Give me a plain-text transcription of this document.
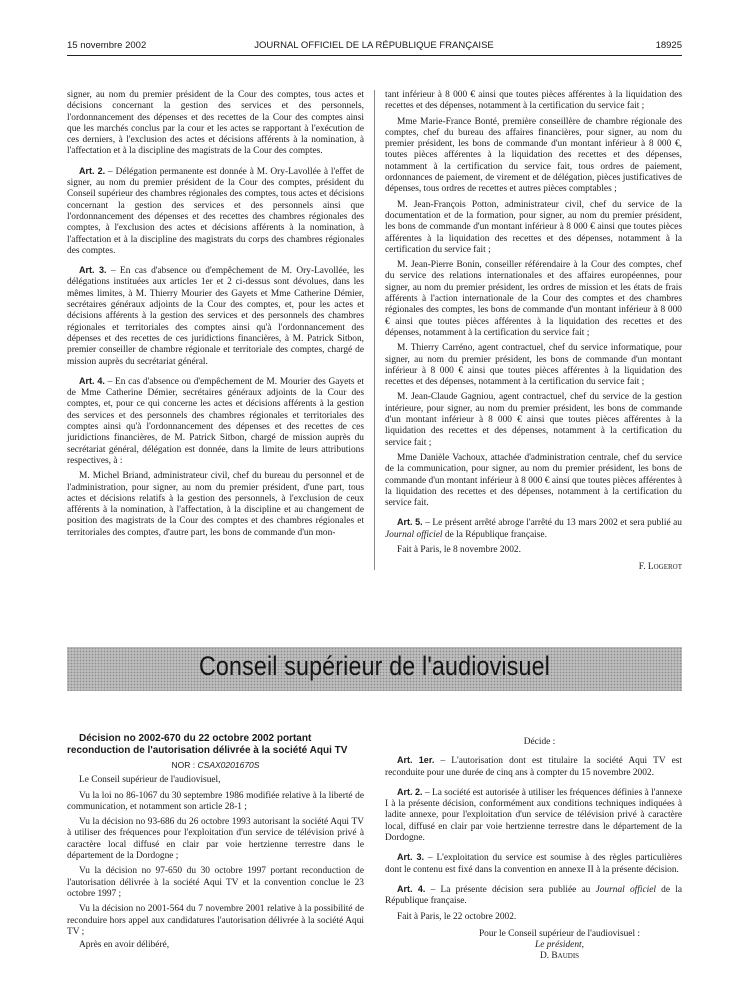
15 novembre 2002	JOURNAL OFFICIEL DE LA RÉPUBLIQUE FRANÇAISE	18925

signer, au nom du premier président de la Cour des comptes, tous actes et décisions concernant la gestion des services et des personnels, l'ordonnancement des dépenses et des recettes de la Cour des comptes ainsi que les marchés conclus par la cour et les actes se rapportant à l'exécution de ces derniers, à l'exclusion des actes et décisions afférents à la nomination, à l'affectation et à la discipline des magistrats de la Cour des comptes.

Art. 2. – Délégation permanente est donnée à M. Ory-Lavollée à l'effet de signer, au nom du premier président de la Cour des comptes, président du Conseil supérieur des chambres régionales des comptes, tous actes et décisions concernant la gestion des services et des personnels ainsi que l'ordonnancement des dépenses et des recettes des chambres régionales des comptes, à l'exclusion des actes et décisions afférents à la nomination, à l'affectation et à la discipline des magistrats du corps des chambres régionales des comptes.

Art. 3. – En cas d'absence ou d'empêchement de M. Ory-Lavollée, les délégations instituées aux articles 1er et 2 ci-dessus sont dévolues, dans les mêmes limites, à M. Thierry Mourier des Gayets et Mme Catherine Démier, secrétaires généraux adjoints de la Cour des comptes, et, pour les actes et décisions afférents à la gestion des services et des personnels des chambres régionales et territoriales des comptes ainsi qu'à l'ordonnancement des dépenses et des recettes de ces juridictions financières, à M. Patrick Sitbon, premier conseiller de chambre régionale et territoriale des comptes, chargé de mission auprès du secrétariat général.

Art. 4. – En cas d'absence ou d'empêchement de M. Mourier des Gayets et de Mme Catherine Démier, secrétaires généraux adjoints de la Cour des comptes, et, pour ce qui concerne les actes et décisions afférents à la gestion des services et des personnels des chambres régionales et territoriales des comptes ainsi qu'à l'ordonnancement des dépenses et des recettes de ces juridictions financières, de M. Patrick Sitbon, chargé de mission auprès du secrétariat général, délégation est donnée, dans la limite de leurs attributions respectives, à :

M. Michel Briand, administrateur civil, chef du bureau du personnel et de l'administration, pour signer, au nom du premier président, d'une part, tous actes et décisions relatifs à la gestion des personnels, à l'exclusion de ceux afférents à la nomination, à l'affectation, à la discipline et au changement de position des magistrats de la Cour des comptes et des chambres régionales et territoriales des comptes, d'autre part, les bons de commande d'un mon-

tant inférieur à 8 000 € ainsi que toutes pièces afférentes à la liquidation des recettes et des dépenses, notamment à la certification du service fait ;

Mme Marie-France Bonté, première conseillère de chambre régionale des comptes, chef du bureau des affaires financières, pour signer, au nom du premier président, les bons de commande d'un montant inférieur à 8 000 €, toutes pièces afférentes à la liquidation des recettes et des dépenses, notamment à la certification du service fait, tous ordres de paiement, ordonnances de paiement, de virement et de délégation, pièces justificatives de dépenses, tous ordres de recettes et autres pièces comptables ;

M. Jean-François Potton, administrateur civil, chef du service de la documentation et de la formation, pour signer, au nom du premier président, les bons de commande d'un montant inférieur à 8 000 € ainsi que toutes pièces afférentes à la liquidation des recettes et des dépenses, notamment à la certification du service fait ;

M. Jean-Pierre Bonin, conseiller référendaire à la Cour des comptes, chef du service des relations internationales et des affaires européennes, pour signer, au nom du premier président, les ordres de mission et les états de frais afférents à l'action internationale de la Cour des comptes et des chambres régionales des comptes, les bons de commande d'un montant inférieur à 8 000 € ainsi que toutes pièces afférentes à la liquidation des recettes et des dépenses, notamment à la certification du service fait ;

M. Thierry Carréno, agent contractuel, chef du service informatique, pour signer, au nom du premier président, les bons de commande d'un montant inférieur à 8 000 € ainsi que toutes pièces afférentes à la liquidation des recettes et des dépenses, notamment à la certification du service fait ;

M. Jean-Claude Gagniou, agent contractuel, chef du service de la gestion intérieure, pour signer, au nom du premier président, les bons de commande d'un montant inférieur à 8 000 € ainsi que toutes pièces afférentes à la liquidation des recettes et des dépenses, notamment à la certification du service fait ;

Mme Danièle Vachoux, attachée d'administration centrale, chef du service de la communication, pour signer, au nom du premier président, les bons de commande d'un montant inférieur à 8 000 € ainsi que toutes pièces afférentes à la liquidation des recettes et des dépenses, notamment à la certification du service fait.

Art. 5. – Le présent arrêté abroge l'arrêté du 13 mars 2002 et sera publié au Journal officiel de la République française.

Fait à Paris, le 8 novembre 2002.

F. Logerot

Conseil supérieur de l'audiovisuel

Décision no 2002-670 du 22 octobre 2002 portant reconduction de l'autorisation délivrée à la société Aqui TV

NOR : CSAX0201670S

Le Conseil supérieur de l'audiovisuel,

Vu la loi no 86-1067 du 30 septembre 1986 modifiée relative à la liberté de communication, et notamment son article 28-1 ;

Vu la décision no 93-686 du 26 octobre 1993 autorisant la société Aqui TV à utiliser des fréquences pour l'exploitation d'un service de télévision privé à caractère local diffusé en clair par voie hertzienne terrestre dans le département de la Dordogne ;

Vu la décision no 97-650 du 30 octobre 1997 portant reconduction de l'autorisation délivrée à la société Aqui TV et la convention conclue le 23 octobre 1997 ;

Vu la décision no 2001-564 du 7 novembre 2001 relative à la possibilité de reconduire hors appel aux candidatures l'autorisation délivrée à la société Aqui TV ;

Après en avoir délibéré,

Décide :

Art. 1er. – L'autorisation dont est titulaire la société Aqui TV est reconduite pour une durée de cinq ans à compter du 15 novembre 2002.

Art. 2. – La société est autorisée à utiliser les fréquences définies à l'annexe I à la présente décision, conformément aux conditions techniques indiquées à ladite annexe, pour l'exploitation d'un service de télévision privé à caractère local, diffusé en clair par voie hertzienne terrestre dans le département de la Dordogne.

Art. 3. – L'exploitation du service est soumise à des règles particulières dont le contenu est fixé dans la convention en annexe II à la présente décision.

Art. 4. – La présente décision sera publiée au Journal officiel de la République française.

Fait à Paris, le 22 octobre 2002.

Pour le Conseil supérieur de l'audiovisuel :

Le président,

D. Baudis
